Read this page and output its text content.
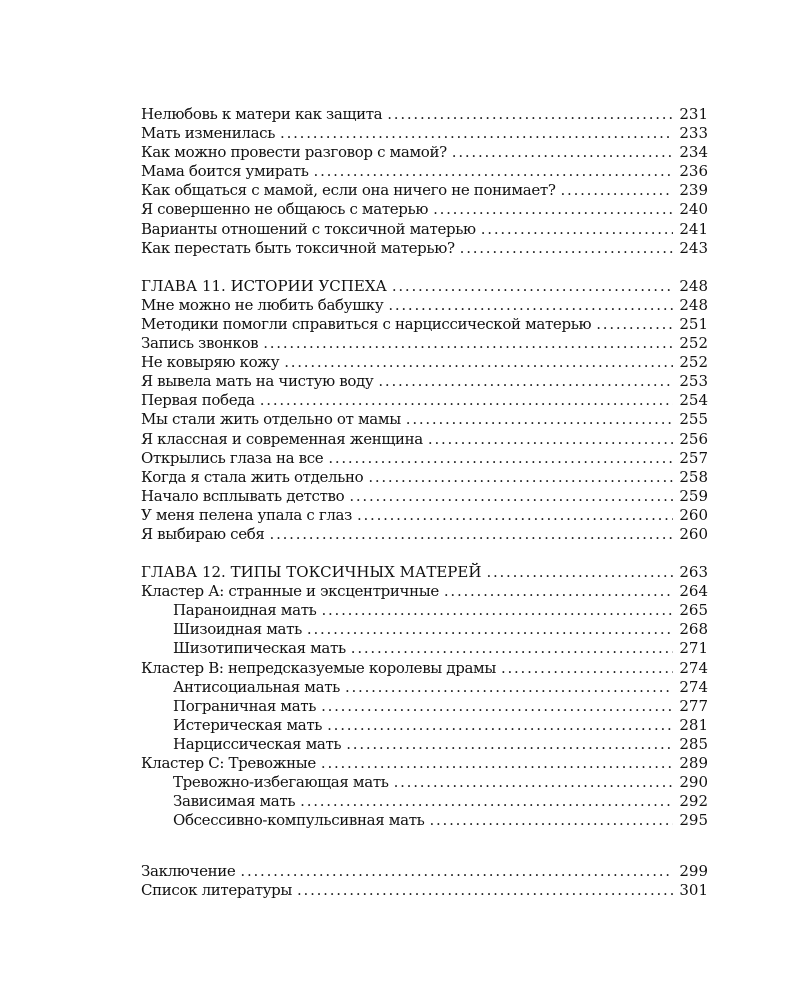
Нелюбовь к матери как защита . . .	231
Мать изменилась . . .	233
Как можно провести разговор с мамой? . . .	234
Мама боится умирать . . .	236
Как общаться с мамой, если она ничего не понимает? . . .	239
Я совершенно не общаюсь с матерью . . .	240
Варианты отношений с токсичной матерью . . .	241
Как перестать быть токсичной матерью? . . .	243
ГЛАВА 11. ИСТОРИИ УСПЕХА . . .	248
Мне можно не любить бабушку . . .	248
Методики помогли справиться с нарциссической матерью . . .	251
Запись звонков . . .	252
Не ковыряю кожу . . .	252
Я вывела мать на чистую воду . . .	253
Первая победа . . .	254
Мы стали жить отдельно от мамы . . .	255
Я классная и современная женщина . . .	256
Открылись глаза на все . . .	257
Когда я стала жить отдельно . . .	258
Начало всплывать детство . . .	259
У меня пелена упала с глаз . . .	260
Я выбираю себя . . .	260
ГЛАВА 12. ТИПЫ ТОКСИЧНЫХ МАТЕРЕЙ . . .	263
Кластер А: странные и эксцентричные . . .	264
Параноидная мать . . .	265
Шизоидная мать . . .	268
Шизотипическая мать . . .	271
Кластер В: непредсказуемые королевы драмы . . .	274
Антисоциальная мать . . .	274
Пограничная мать . . .	277
Истерическая мать . . .	281
Нарциссическая мать . . .	285
Кластер С: Тревожные . . .	289
Тревожно-избегающая мать . . .	290
Зависимая мать . . .	292
Обсессивно-компульсивная мать . . .	295
Заключение . . .	299
Список литературы . . .	301
